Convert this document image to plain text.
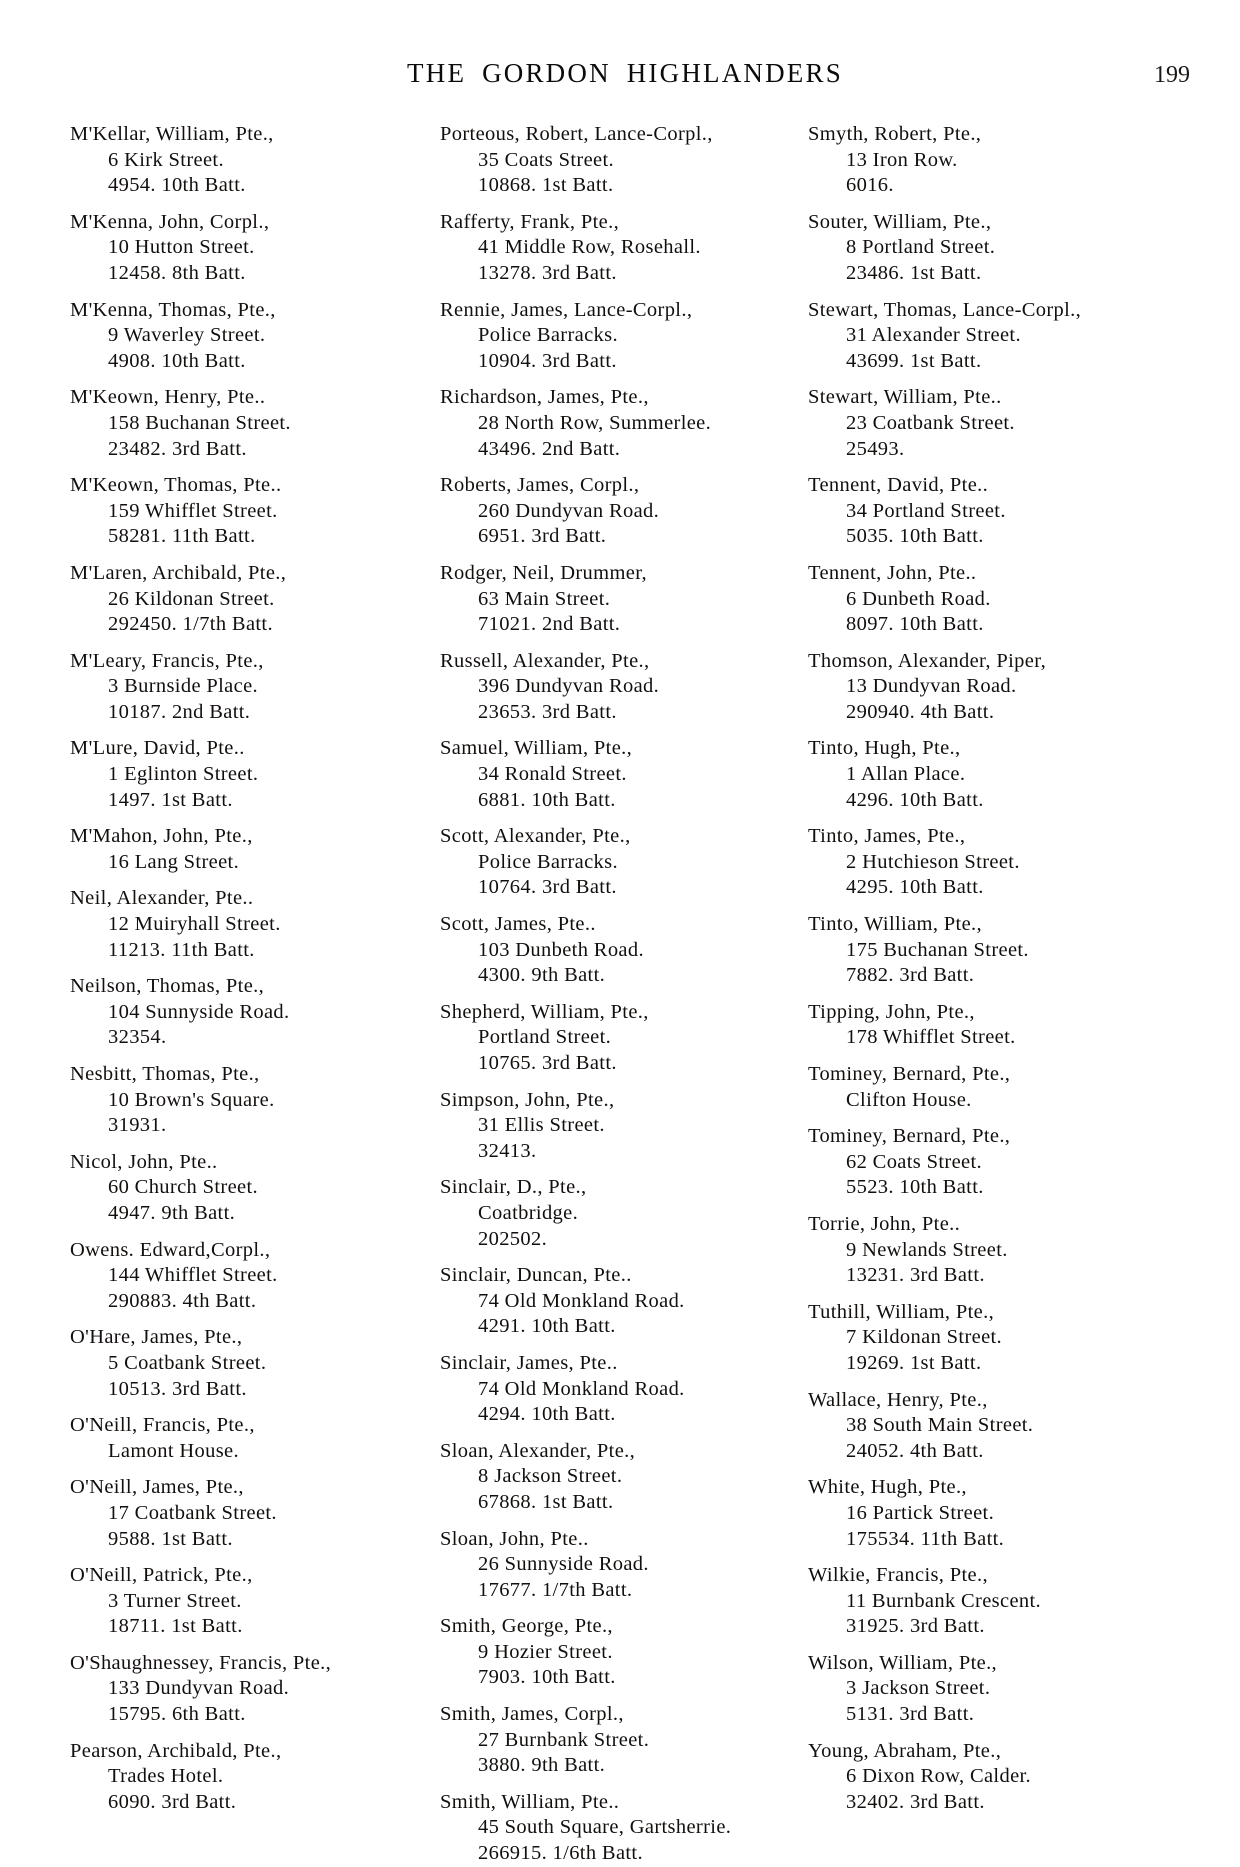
THE GORDON HIGHLANDERS	199
M'Kellar, William, Pte.,
6 Kirk Street.
4954. 10th Batt.
M'Kenna, John, Corpl.,
10 Hutton Street.
12458. 8th Batt.
M'Kenna, Thomas, Pte.,
9 Waverley Street.
4908. 10th Batt.
M'Keown, Henry, Pte..
158 Buchanan Street.
23482. 3rd Batt.
M'Keown, Thomas, Pte..
159 Whifflet Street.
58281. 11th Batt.
M'Laren, Archibald, Pte.,
26 Kildonan Street.
292450. 1/7th Batt.
M'Leary, Francis, Pte.,
3 Burnside Place.
10187. 2nd Batt.
M'Lure, David, Pte..
1 Eglinton Street.
1497. 1st Batt.
M'Mahon, John, Pte.,
16 Lang Street.
Neil, Alexander, Pte..
12 Muiryhall Street.
11213. 11th Batt.
Neilson, Thomas, Pte.,
104 Sunnyside Road.
32354.
Nesbitt, Thomas, Pte.,
10 Brown's Square.
31931.
Nicol, John, Pte..
60 Church Street.
4947. 9th Batt.
Owens. Edward,Corpl.,
144 Whifflet Street.
290883. 4th Batt.
O'Hare, James, Pte.,
5 Coatbank Street.
10513. 3rd Batt.
O'Neill, Francis, Pte.,
Lamont House.
O'Neill, James, Pte.,
17 Coatbank Street.
9588. 1st Batt.
O'Neill, Patrick, Pte.,
3 Turner Street.
18711. 1st Batt.
O'Shaughnessey, Francis, Pte.,
133 Dundyvan Road.
15795. 6th Batt.
Pearson, Archibald, Pte.,
Trades Hotel.
6090. 3rd Batt.
Porteous, Robert, Lance-Corpl.,
35 Coats Street.
10868. 1st Batt.
Rafferty, Frank, Pte.,
41 Middle Row, Rosehall.
13278. 3rd Batt.
Rennie, James, Lance-Corpl.,
Police Barracks.
10904. 3rd Batt.
Richardson, James, Pte.,
28 North Row, Summerlee.
43496. 2nd Batt.
Roberts, James, Corpl.,
260 Dundyvan Road.
6951. 3rd Batt.
Rodger, Neil, Drummer,
63 Main Street.
71021. 2nd Batt.
Russell, Alexander, Pte.,
396 Dundyvan Road.
23653. 3rd Batt.
Samuel, William, Pte.,
34 Ronald Street.
6881. 10th Batt.
Scott, Alexander, Pte.,
Police Barracks.
10764. 3rd Batt.
Scott, James, Pte..
103 Dunbeth Road.
4300. 9th Batt.
Shepherd, William, Pte.,
Portland Street.
10765. 3rd Batt.
Simpson, John, Pte.,
31 Ellis Street.
32413.
Sinclair, D., Pte.,
Coatbridge.
202502.
Sinclair, Duncan, Pte..
74 Old Monkland Road.
4291. 10th Batt.
Sinclair, James, Pte..
74 Old Monkland Road.
4294. 10th Batt.
Sloan, Alexander, Pte.,
8 Jackson Street.
67868. 1st Batt.
Sloan, John, Pte..
26 Sunnyside Road.
17677. 1/7th Batt.
Smith, George, Pte.,
9 Hozier Street.
7903. 10th Batt.
Smith, James, Corpl.,
27 Burnbank Street.
3880. 9th Batt.
Smith, William, Pte..
45 South Square, Gartsherrie.
266915. 1/6th Batt.
Smyth, Robert, Pte.,
13 Iron Row.
6016.
Souter, William, Pte.,
8 Portland Street.
23486. 1st Batt.
Stewart, Thomas, Lance-Corpl.,
31 Alexander Street.
43699. 1st Batt.
Stewart, William, Pte..
23 Coatbank Street.
25493.
Tennent, David, Pte..
34 Portland Street.
5035. 10th Batt.
Tennent, John, Pte..
6 Dunbeth Road.
8097. 10th Batt.
Thomson, Alexander, Piper,
13 Dundyvan Road.
290940. 4th Batt.
Tinto, Hugh, Pte.,
1 Allan Place.
4296. 10th Batt.
Tinto, James, Pte.,
2 Hutchieson Street.
4295. 10th Batt.
Tinto, William, Pte.,
175 Buchanan Street.
7882. 3rd Batt.
Tipping, John, Pte.,
178 Whifflet Street.
Tominey, Bernard, Pte.,
Clifton House.
Tominey, Bernard, Pte.,
62 Coats Street.
5523. 10th Batt.
Torrie, John, Pte..
9 Newlands Street.
13231. 3rd Batt.
Tuthill, William, Pte.,
7 Kildonan Street.
19269. 1st Batt.
Wallace, Henry, Pte.,
38 South Main Street.
24052. 4th Batt.
White, Hugh, Pte.,
16 Partick Street.
175534. 11th Batt.
Wilkie, Francis, Pte.,
11 Burnbank Crescent.
31925. 3rd Batt.
Wilson, William, Pte.,
3 Jackson Street.
5131. 3rd Batt.
Young, Abraham, Pte.,
6 Dixon Row, Calder.
32402. 3rd Batt.
